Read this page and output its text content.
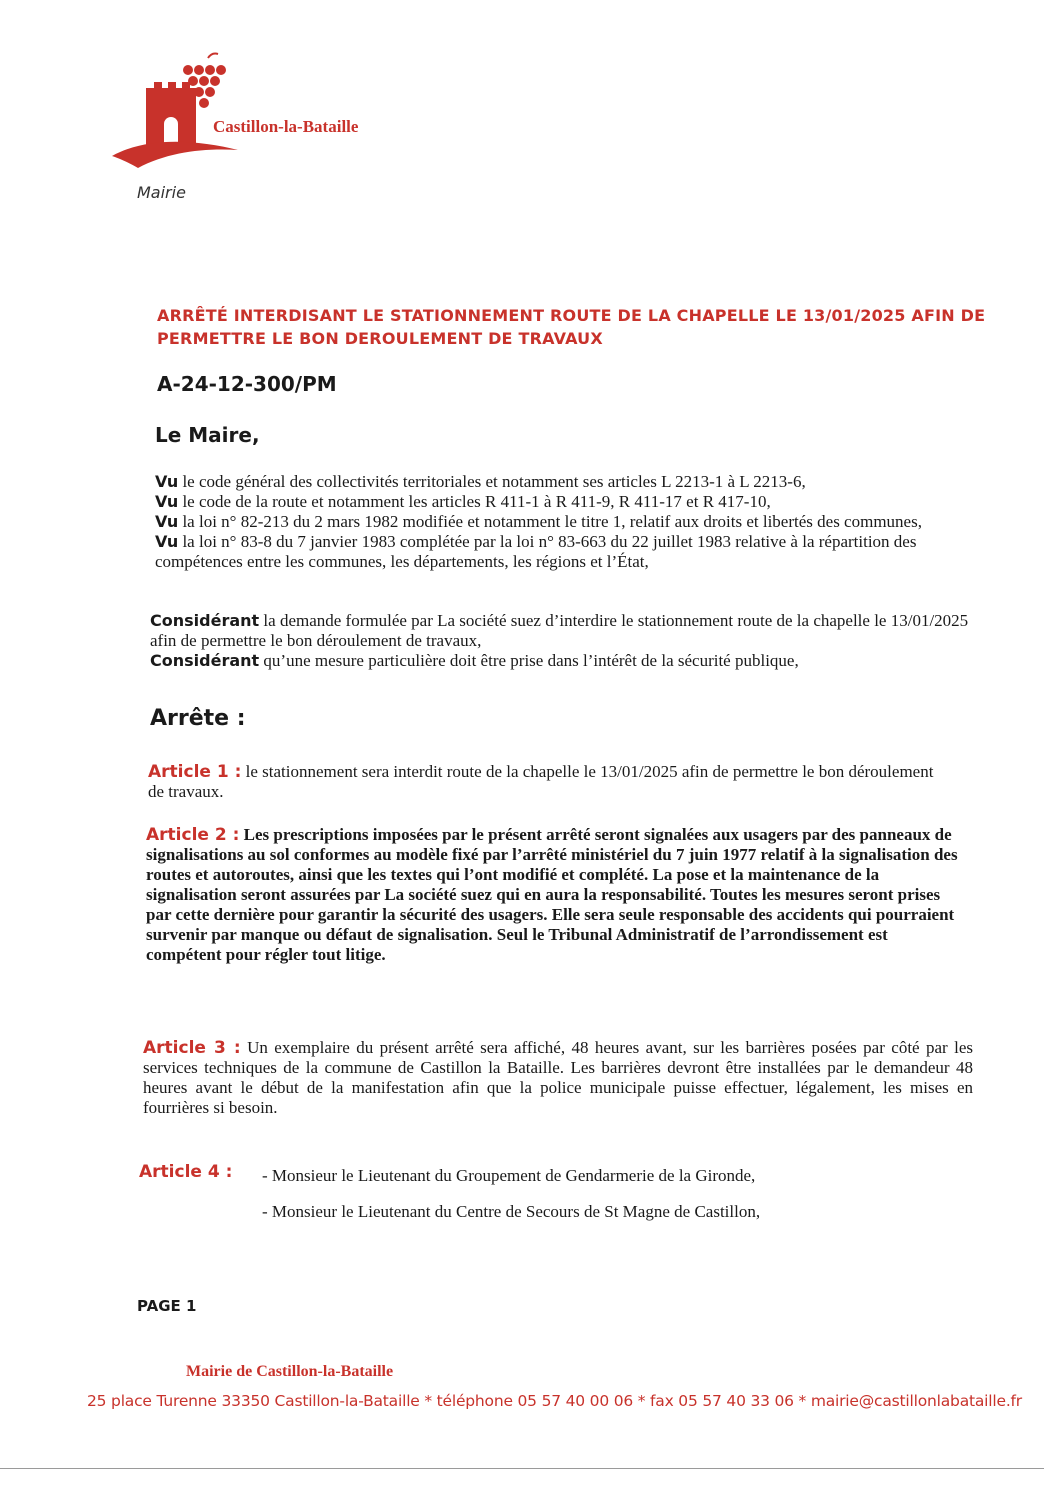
Castillon-la-Bataille
Mairie
ARRÊTÉ INTERDISANT LE STATIONNEMENT ROUTE DE LA CHAPELLE LE 13/01/2025 AFIN DE PERMETTRE LE BON DEROULEMENT DE TRAVAUX
A-24-12-300/PM
Le Maire,
Vu le code général des collectivités territoriales et notamment ses articles L 2213-1 à L 2213-6,
Vu le code de la route et notamment les articles R 411-1 à R 411-9, R 411-17 et R 417-10,
Vu la loi n° 82-213 du 2 mars 1982 modifiée et notamment le titre 1, relatif aux droits et libertés des communes,
Vu la loi n° 83-8 du 7 janvier 1983 complétée par la loi n° 83-663 du 22 juillet 1983 relative à la répartition des compétences entre les communes, les départements, les régions et l’État,
Considérant la demande formulée par La société suez d’interdire le stationnement route de la chapelle le 13/01/2025 afin de permettre le bon déroulement de travaux,
Considérant qu’une mesure particulière doit être prise dans l’intérêt de la sécurité publique,
Arrête :
Article 1 : le stationnement sera interdit route de la chapelle le 13/01/2025 afin de permettre le bon déroulement de travaux.
Article 2 : Les prescriptions imposées par le présent arrêté seront signalées aux usagers par des panneaux de signalisations au sol conformes au modèle fixé par l’arrêté ministériel du 7 juin 1977 relatif à la signalisation des routes et autoroutes, ainsi que les textes qui l’ont modifié et complété. La pose et la maintenance de la signalisation seront assurées par La société suez qui en aura la responsabilité. Toutes les mesures seront prises par cette dernière pour garantir la sécurité des usagers. Elle sera seule responsable des accidents qui pourraient survenir par manque ou défaut de signalisation. Seul le Tribunal Administratif de l’arrondissement est compétent pour régler tout litige.
Article 3 : Un exemplaire du présent arrêté sera affiché, 48 heures avant, sur les barrières posées par côté par les services techniques de la commune de Castillon la Bataille. Les barrières devront être installées par le demandeur 48 heures avant le début de la manifestation afin que la police municipale puisse effectuer, légalement, les mises en fourrières si besoin.
Article 4 : - Monsieur le Lieutenant du Groupement de Gendarmerie de la Gironde,
- Monsieur le Lieutenant du Centre de Secours de St Magne de Castillon,
PAGE 1
Mairie de Castillon-la-Bataille
25 place Turenne 33350 Castillon-la-Bataille * téléphone 05 57 40 00 06 * fax 05 57 40 33 06 * mairie@castillonlabataille.fr
